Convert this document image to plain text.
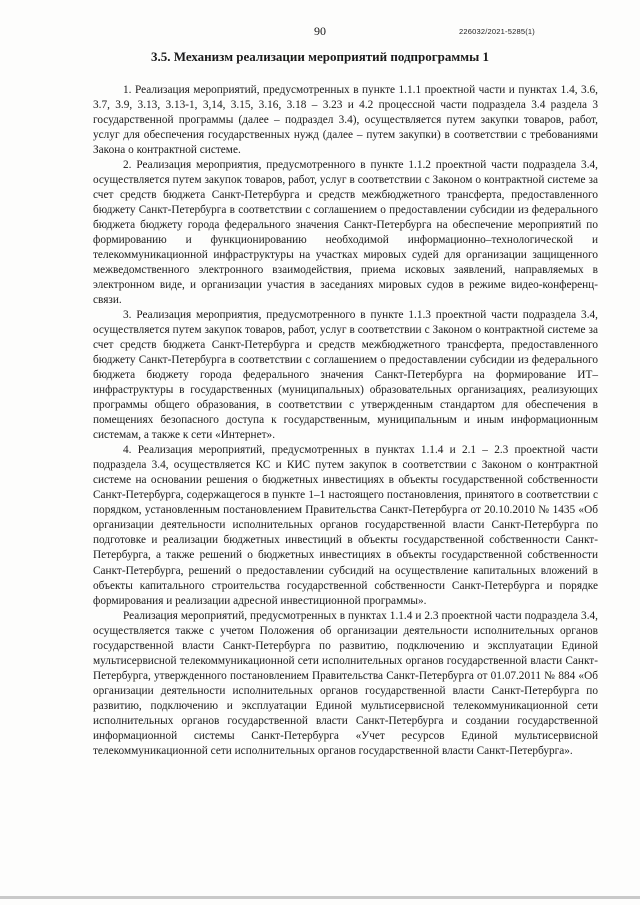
90	226032/2021-5285(1)
3.5. Механизм реализации мероприятий подпрограммы 1

1. Реализация мероприятий, предусмотренных в пункте 1.1.1 проектной части и пунктах 1.4, 3.6, 3.7, 3.9, 3.13, 3.13-1, 3,14, 3.15, 3.16, 3.18 – 3.23 и 4.2 процессной части подраздела 3.4 раздела 3 государственной программы (далее – подраздел 3.4), осуществляется путем закупки товаров, работ, услуг для обеспечения государственных нужд (далее – путем закупки) в соответствии с требованиями Закона о контрактной системе.

2. Реализация мероприятия, предусмотренного в пункте 1.1.2 проектной части подраздела 3.4, осуществляется путем закупок товаров, работ, услуг в соответствии с Законом о контрактной системе за счет средств бюджета Санкт-Петербурга и средств межбюджетного трансферта, предоставленного бюджету Санкт-Петербурга в соответствии с соглашением о предоставлении субсидии из федерального бюджета бюджету города федерального значения Санкт-Петербурга на обеспечение мероприятий по формированию и функционированию необходимой информационно–технологической и телекоммуникационной инфраструктуры на участках мировых судей для организации защищенного межведомственного электронного взаимодействия, приема исковых заявлений, направляемых в электронном виде, и организации участия в заседаниях мировых судов в режиме видео-конференц-связи.

3. Реализация мероприятия, предусмотренного в пункте 1.1.3 проектной части подраздела 3.4, осуществляется путем закупок товаров, работ, услуг в соответствии с Законом о контрактной системе за счет средств бюджета Санкт-Петербурга и средств межбюджетного трансферта, предоставленного бюджету Санкт-Петербурга в соответствии с соглашением о предоставлении субсидии из федерального бюджета бюджету города федерального значения Санкт-Петербурга на формирование ИТ–инфраструктуры в государственных (муниципальных) образовательных организациях, реализующих программы общего образования, в соответствии с утвержденным стандартом для обеспечения в помещениях безопасного доступа к государственным, муниципальным и иным информационным системам, а также к сети «Интернет».

4. Реализация мероприятий, предусмотренных в пунктах 1.1.4 и 2.1 – 2.3 проектной части подраздела 3.4, осуществляется КС и КИС путем закупок в соответствии с Законом о контрактной системе на основании решения о бюджетных инвестициях в объекты государственной собственности Санкт-Петербурга, содержащегося в пункте 1–1 настоящего постановления, принятого в соответствии с порядком, установленным постановлением Правительства Санкт-Петербурга от 20.10.2010 № 1435 «Об организации деятельности исполнительных органов государственной власти Санкт-Петербурга по подготовке и реализации бюджетных инвестиций в объекты государственной собственности Санкт-Петербурга, а также решений о бюджетных инвестициях в объекты государственной собственности Санкт-Петербурга, решений о предоставлении субсидий на осуществление капитальных вложений в объекты капитального строительства государственной собственности Санкт-Петербурга и порядке формирования и реализации адресной инвестиционной программы».

Реализация мероприятий, предусмотренных в пунктах 1.1.4 и 2.3 проектной части подраздела 3.4, осуществляется также с учетом Положения об организации деятельности исполнительных органов государственной власти Санкт-Петербурга по развитию, подключению и эксплуатации Единой мультисервисной телекоммуникационной сети исполнительных органов государственной власти Санкт-Петербурга, утвержденного постановлением Правительства Санкт-Петербурга от 01.07.2011 № 884 «Об организации деятельности исполнительных органов государственной власти Санкт-Петербурга по развитию, подключению и эксплуатации Единой мультисервисной телекоммуникационной сети исполнительных органов государственной власти Санкт-Петербурга и создании государственной информационной системы Санкт-Петербурга «Учет ресурсов Единой мультисервисной телекоммуникационной сети исполнительных органов государственной власти Санкт-Петербурга».
